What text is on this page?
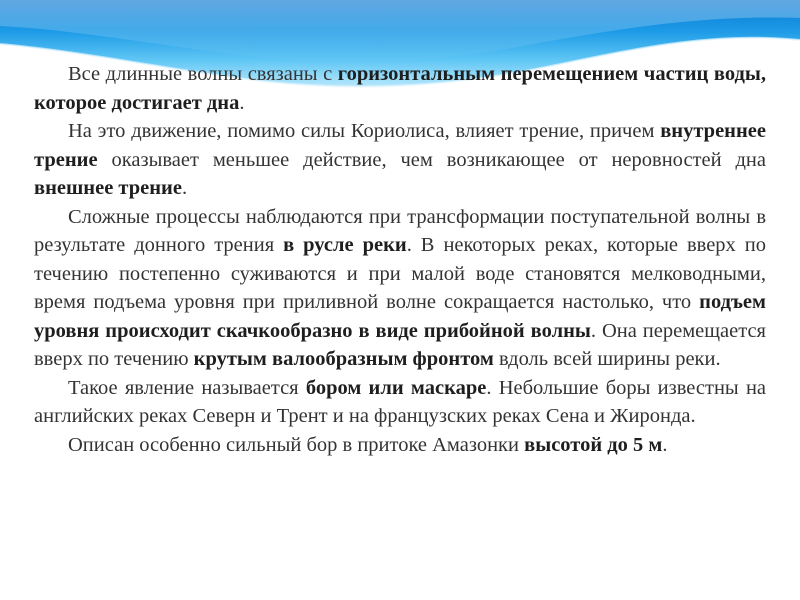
Все длинные волны связаны с горизонтальным перемещением частиц воды, которое достигает дна.

На это движение, помимо силы Кориолиса, влияет трение, причем внутреннее трение оказывает меньшее действие, чем возникающее от неровностей дна внешнее трение.

Сложные процессы наблюдаются при трансформации поступательной волны в результате донного трения в русле реки. В некоторых реках, которые вверх по течению постепенно суживаются и при малой воде становятся мелководными, время подъема уровня при приливной волне сокращается настолько, что подъем уровня происходит скачкообразно в виде прибойной волны. Она перемещается вверх по течению крутым валообразным фронтом вдоль всей ширины реки.

Такое явление называется бором или маскаре. Небольшие боры известны на английских реках Северн и Трент и на французских реках Сена и Жиронда.

Описан особенно сильный бор в притоке Амазонки высотой до 5 м.
